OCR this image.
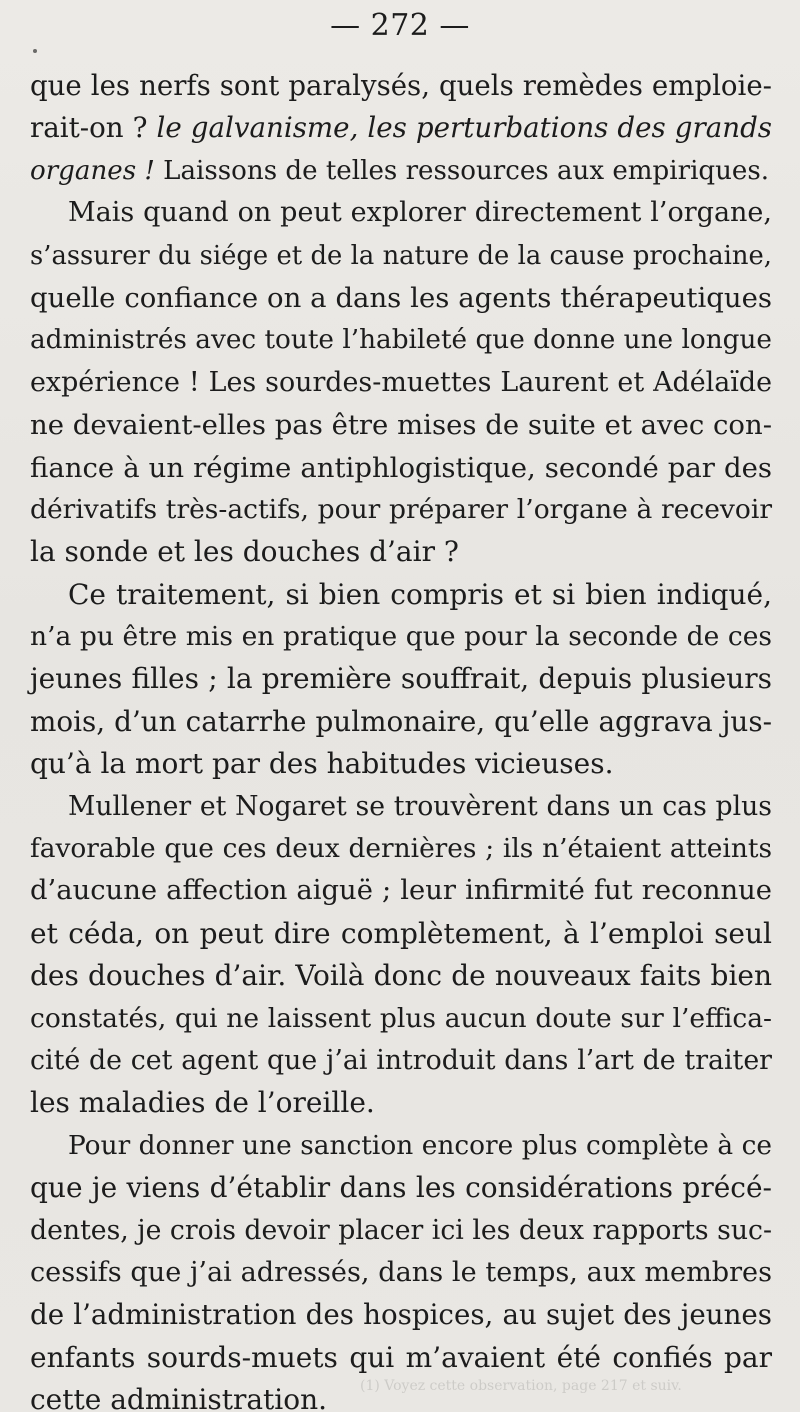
— 272 —
que les nerfs sont paralysés, quels remèdes emploie-
rait-on ? le galvanisme, les perturbations des grands
organes ! Laissons de telles ressources aux empiriques.
Mais quand on peut explorer directement l’organe,
s’assurer du siége et de la nature de la cause prochaine,
quelle confiance on a dans les agents thérapeutiques
administrés avec toute l’habileté que donne une longue
expérience ! Les sourdes-muettes Laurent et Adélaïde
ne devaient-elles pas être mises de suite et avec con-
fiance à un régime antiphlogistique, secondé par des
dérivatifs très-actifs, pour préparer l’organe à recevoir
la sonde et les douches d’air ?
Ce traitement, si bien compris et si bien indiqué,
n’a pu être mis en pratique que pour la seconde de ces
jeunes filles ; la première souffrait, depuis plusieurs
mois, d’un catarrhe pulmonaire, qu’elle aggrava jus-
qu’à la mort par des habitudes vicieuses.
Mullener et Nogaret se trouvèrent dans un cas plus
favorable que ces deux dernières ; ils n’étaient atteints
d’aucune affection aiguë ; leur infirmité fut reconnue
et céda, on peut dire complètement, à l’emploi seul
des douches d’air. Voilà donc de nouveaux faits bien
constatés, qui ne laissent plus aucun doute sur l’effica-
cité de cet agent que j’ai introduit dans l’art de traiter
les maladies de l’oreille.
Pour donner une sanction encore plus complète à ce
que je viens d’établir dans les considérations précé-
dentes, je crois devoir placer ici les deux rapports suc-
cessifs que j’ai adressés, dans le temps, aux membres
de l’administration des hospices, au sujet des jeunes
enfants sourds-muets qui m’avaient été confiés par
cette administration.	(1) Voyez cette observation, page 217 et suiv.
